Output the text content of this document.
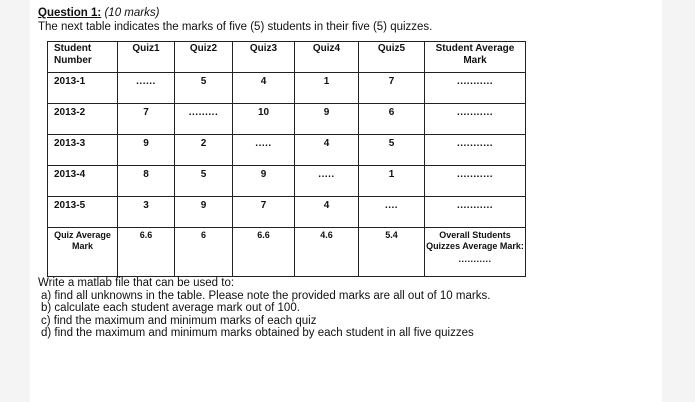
Question 1: (10 marks)
The next table indicates the marks of five (5) students in their five (5) quizzes.
Student Number	Quiz1	Quiz2	Quiz3	Quiz4	Quiz5	Student Average Mark
2013-1	......	5	4	1	7	...........
2013-2	7	.........	10	9	6	...........
2013-3	9	2	.....	4	5	...........
2013-4	8	5	9	.....	1	...........
2013-5	3	9	7	4	....	...........
Quiz Average Mark	6.6	6	6.6	4.6	5.4	Overall Students Quizzes Average Mark:
...........

Write a matlab file that can be used to:

a) find all unknowns in the table. Please note the provided marks are all out of 10 marks.

b) calculate each student average mark out of 100.

c) find the maximum and minimum marks of each quiz

d) find the maximum and minimum marks obtained by each student in all five quizzes
